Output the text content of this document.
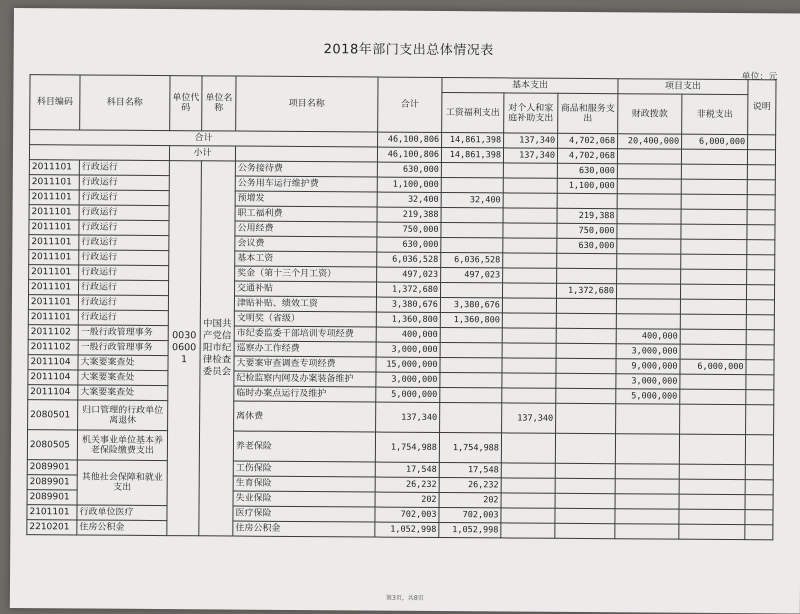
2018年部门支出总体情况表
单位：元
科目编码	科目名称	单位代码	单位名称	项目名称	合计	基本支出			项目支出		说明
						工资福利支出	对个人和家庭补助支出	商品和服务支出	财政拨款	非税支出	
合计					46,100,806	14,861,398	137,340	4,702,068	20,400,000	6,000,000	
		小计			46,100,806	14,861,398	137,340	4,702,068			
2011101	行政运行	003006001	中国共产党信阳市纪律检查委员会	公务接待费	630,000			630,000			
2011101	行政运行			公务用车运行维护费	1,100,000			1,100,000			
2011101	行政运行			预增发	32,400	32,400					
2011101	行政运行			职工福利费	219,388			219,388			
2011101	行政运行			公用经费	750,000			750,000			
2011101	行政运行			会议费	630,000			630,000			
2011101	行政运行			基本工资	6,036,528	6,036,528					
2011101	行政运行			奖金（第十三个月工资）	497,023	497,023					
2011101	行政运行			交通补贴	1,372,680			1,372,680			
2011101	行政运行			津贴补贴、绩效工资	3,380,676	3,380,676					
2011101	行政运行			文明奖（省级）	1,360,800	1,360,800					
2011102	一般行政管理事务			市纪委监委干部培训专项经费	400,000				400,000		
2011102	一般行政管理事务			巡察办工作经费	3,000,000				3,000,000		
2011104	大案要案查处			大要案审查调查专项经费	15,000,000				9,000,000	6,000,000	
2011104	大案要案查处			纪检监察内网及办案装备维护	3,000,000				3,000,000		
2011104	大案要案查处			临时办案点运行及维护	5,000,000				5,000,000		
2080501	归口管理的行政单位离退休			离休费	137,340		137,340				
2080505	机关事业单位基本养老保险缴费支出			养老保险	1,754,988	1,754,988					
2089901	其他社会保障和就业支出			工伤保险	17,548	17,548					
2089901				生育保险	26,232	26,232					
2089901				失业保险	202	202					
2101101	行政单位医疗			医疗保险	702,003	702,003					
2210201	住房公积金			住房公积金	1,052,998	1,052,998					
第3页，共8页
